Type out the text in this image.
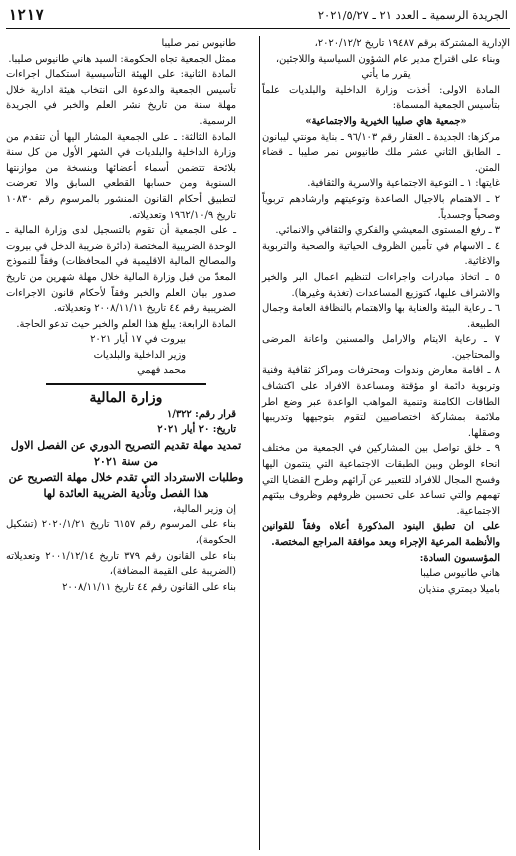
الجريدة الرسمية ـ العدد ٢١ ـ ٢٠٢١/٥/٢٧
١٢١٧

الإدارية المشتركة برقم ١٩٤٨٧ تاريخ ٢٠٢٠/١٢/٢،

وبناء على اقتراح مدير عام الشؤون السياسية واللاجئين،

يقرر ما يأتي

المادة الاولى: أخذت وزارة الداخلية والبلديات علماً بتأسيس الجمعية المسماة:

«جمعية هاي صليبا الخيرية والاجتماعية»

مركزها: الجديدة ـ العقار رقم ٩٦/١٠٣ ـ بناية مونتي ليبانون ـ الطابق الثاني عشر ملك طانيوس نمر صليبا ـ قضاء المتن.

غايتها: ١ ـ التوعية الاجتماعية والاسرية والثقافية.

٢ ـ الاهتمام بالاجيال الصاعدة وتوعيتهم وارشادهم تربوياً وصحياً وجسدياً.

٣ ـ رفع المستوى المعيشي والفكري والثقافي والانمائي.

٤ ـ الاسهام في تأمين الظروف الحياتية والصحية والتربوية والاغاثية.

٥ ـ اتخاذ مبادرات واجراءات لتنظيم اعمال البر والخير والاشراف عليها، كتوزيع المساعدات (تغذية وغيرها).

٦ ـ رعاية البيئة والعناية بها والاهتمام بالنظافة العامة وجمال الطبيعة.

٧ ـ رعاية الايتام والارامل والمسنين واعانة المرضى والمحتاجين.

٨ ـ اقامة معارض وندوات ومحترفات ومراكز ثقافية وفنية وتربوية دائمة او مؤقتة ومساعدة الافراد على اكتشاف الطاقات الكامنة وتنمية المواهب الواعدة عبر وضع اطر ملائمة بمشاركة اختصاصيين لتقوم بتوجيهها وتدريبها وصقلها.

٩ ـ خلق تواصل بين المشاركين في الجمعية من مختلف انحاء الوطن وبين الطبقات الاجتماعية التي ينتمون اليها وفسح المجال للافراد للتعبير عن آرائهم وطرح القضايا التي تهمهم والتي تساعد على تحسين ظروفهم وظروف بيئتهم الاجتماعية.

على ان تطبق البنود المذكورة أعلاه وفقاً للقوانين والأنظمة المرعية الإجراء وبعد موافقة المراجع المختصة.

المؤسسون السادة:

هاني طانيوس صليبا

باميلا ديمتري منذيان

طانيوس نمر صليبا

ممثل الجمعية تجاه الحكومة: السيد هاني طانيوس صليبا.

المادة الثانية: على الهيئة التأسيسية استكمال اجراءات تأسيس الجمعية والدعوة الى انتخاب هيئة ادارية خلال مهلة سنة من تاريخ نشر العلم والخبر في الجريدة الرسمية.

المادة الثالثة: ـ على الجمعية المشار اليها أن تتقدم من وزارة الداخلية والبلديات في الشهر الأول من كل سنة بلائحة تتضمن أسماء أعضائها وبنسخة من موازنتها السنوية ومن حسابها القطعي السابق والا تعرضت لتطبيق أحكام القانون المنشور بالمرسوم رقم ١٠٨٣٠ تاريخ ١٩٦٢/١٠/٩ وتعديلاته.

ـ على الجمعية أن تقوم بالتسجيل لدى وزارة المالية ـ الوحدة الضريبية المختصة (دائرة ضريبة الدخل في بيروت والمصالح المالية الاقليمية في المحافظات) وفقاً للنموذج المعدّ من قبل وزارة المالية خلال مهلة شهرين من تاريخ صدور بيان العلم والخبر وفقاً لأحكام قانون الاجراءات الضريبية رقم ٤٤ تاريخ ٢٠٠٨/١١/١١ وتعديلاته.

المادة الرابعة: يبلغ هذا العلم والخبر حيث تدعو الحاجة.

بيروت في ١٧ أيار ٢٠٢١

وزير الداخلية والبلديات

محمد فهمي

وزارة المالية

قرار رقم: ١/٣٢٢

تاريخ: ٢٠ أيار ٢٠٢١

تمديد مهلة تقديم التصريح الدوري عن الفصل الاول من سنة ٢٠٢١

وطلبات الاسترداد التي تقدم خلال مهلة التصريح عن هذا الفصل وتأدية الضريبة العائدة لها

إن وزير المالية،

بناء على المرسوم رقم ٦١٥٧ تاريخ ٢٠٢٠/١/٢١ (تشكيل الحكومة)،

بناء على القانون رقم ٣٧٩ تاريخ ٢٠٠١/١٢/١٤ وتعديلاته (الضريبة على القيمة المضافة)،

بناء على القانون رقم ٤٤ تاريخ ٢٠٠٨/١١/١١
